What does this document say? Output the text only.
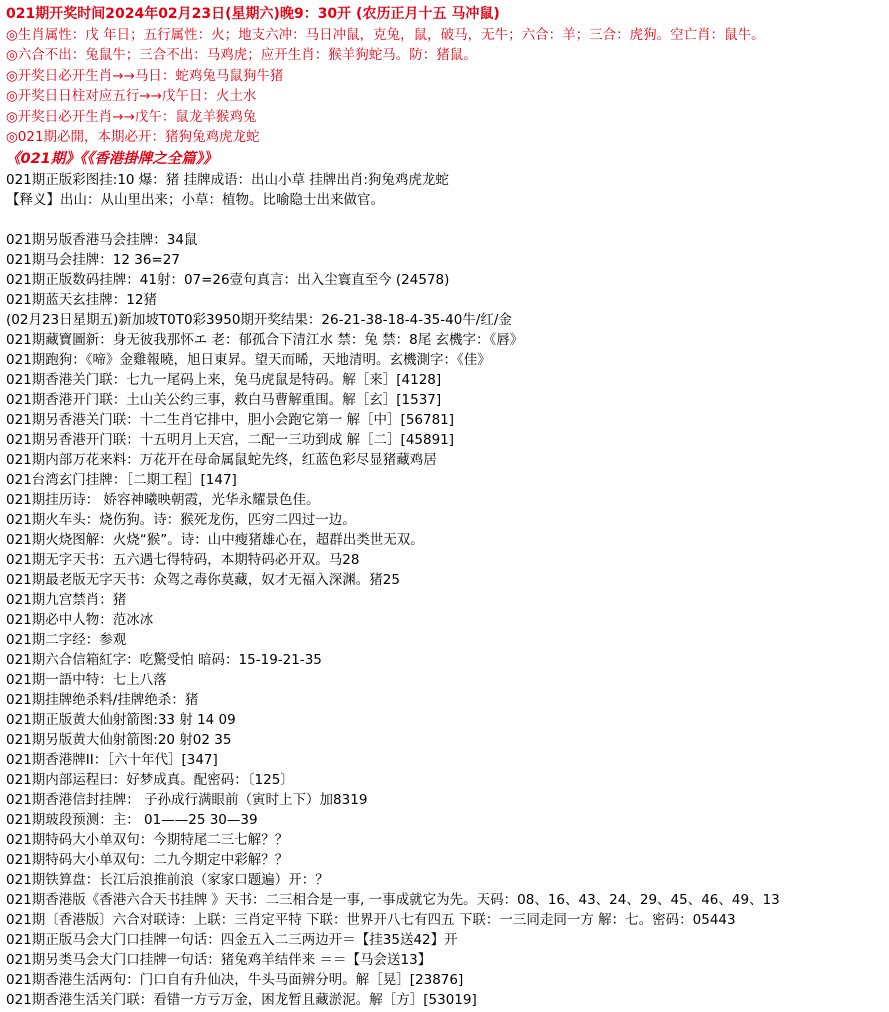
021期开奖时间2024年02月23日(星期六)晚9：30开 (农历正月十五 马冲鼠)
◎生肖属性：戊 年日；五行属性：火；地支六冲：马日冲鼠，克兔，鼠，破马，无牛；六合：羊；三合：虎狗。空亡肖：鼠牛。
◎六合不出：兔鼠牛；三合不出：马鸡虎；应开生肖：猴羊狗蛇马。防：猪鼠。
◎开奖日必开生肖→→马日：蛇鸡兔马鼠狗牛猪
◎开奖日日柱对应五行→→戊午日：火土水
◎开奖日必开生肖→→戊午：鼠龙羊猴鸡兔
◎021期必開，本期必开：猪狗兔鸡虎龙蛇
《021期》《《香港掛牌之全篇》》
021期正版彩图挂:10 爆：猪 挂牌成语：出山小草 挂牌出肖:狗兔鸡虎龙蛇
【释义】出山：从山里出来；小草：植物。比喻隐士出来做官。
021期另版香港马会挂牌：34鼠
021期马会挂牌：12 36=27
021期正版数码挂牌：41射：07=26壹句真言：出入尘寰直至今 (24578)
021期蓝天玄挂牌：12猪
(02月23日星期五)新加坡T0T0彩3950期开奖结果：26-21-38-18-4-35-40牛/红/金
021期藏寶圖新：身无彼我那怀エ 老：郁孤合下清江水 禁：兔 禁：8尾 玄機字：《唇》
021期跑狗：《啼》金雞報曉，旭日東昇。望天而晞，天地清明。玄機測字：《佳》
021期香港关门联：七九一尾码上来，兔马虎鼠是特码。解［来］[4128]
021期香港开门联：土山关公约三事，救白马曹解重围。解［玄］[1537]
021期另香港关门联：十二生肖它排中，胆小会跑它第一 解［中］[56781]
021期另香港开门联：十五明月上天宫，二配一三功到成 解［二］[45891]
021期内部万花来料：万花开在母命属鼠蛇先终，红蓝色彩尽显猪藏鸡居
021台湾玄门挂牌：［二期工程］[147]
021期挂历诗： 娇容神曦映朝霞，光华永耀景色佳。
021期火车头：烧伤狗。诗：猴死龙伤，匹穷二四过一边。
021期火烧图解：火烧“猴”。诗：山中瘦猪雄心在，超群出类世无双。
021期无字天书：五六遇七得特码，本期特码必开双。马28
021期最老版无字天书：众驾之毒你莫藏，奴才无福入深渊。猪25
021期九宫禁肖：猪
021期必中人物：范冰冰
021期二字经：参观
021期六合信箱紅字：吃驚受怕 暗码：15-19-21-35
021期一語中特：七上八落
021期挂牌绝杀料/挂牌绝杀：猪
021期正版黄大仙射箭图:33 射 14 09
021期另版黄大仙射箭图:20 射02 35
021期香港牌II：［六十年代］[347]
021期内部运程曰：好梦成真。配密码：〔125〕
021期香港信封挂牌： 子孙成行满眼前（寅时上下）加8319
021期玻段预测：主： 01——25 30—39
021期特码大小单双句：今期特尾二三七解？？
021期特码大小单双句：二九今期定中彩解？？
021期铁算盘：长江后浪推前浪（家家口题遍）开：？
021期香港版《香港六合天书挂牌 》天书：二三相合是一事, 一事成就它为先。天码：08、16、43、24、29、45、46、49、13
021期〔香港版〕六合对联诗：上联：三肖定平特 下联：世界开八七有四五 下联：一三同走同一方 解：七。密码：05443
021期正版马会大门口挂牌一句话：四金五入二三两边开＝【挂35送42】开
021期另类马会大门口挂牌一句话：猪兔鸡羊结伴来 ＝＝【马会送13】
021期香港生活两句：门口自有升仙决，牛头马面辨分明。解［晃］[23876]
021期香港生活关门联：看错一方亏万金，困龙暂且藏淤泥。解［方］[53019]
